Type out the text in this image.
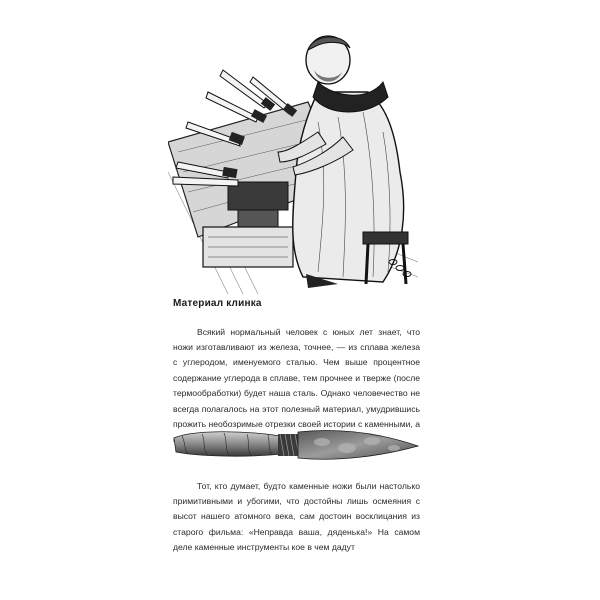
Материал клинка

Всякий нормальный человек с юных лет знает, что ножи изготавливают из железа, точнее, — из сплава железа с углеродом, именуемого сталью. Чем выше процентное содержание углерода в сплаве, тем прочнее и тверже (после термообработки) будет наша сталь. Однако человечество не всегда полагалось на этот полезный материал, умудрившись прожить необозримые отрезки своей истории с каменными, а

Тот, кто думает, будто каменные ножи были настолько примитивными и убогими, что достойны лишь осмеяния с высот нашего атомного века, сам достоин восклицания из старого фильма: «Неправда ваша, дяденька!» На самом деле каменные инструменты кое в чем дадут
